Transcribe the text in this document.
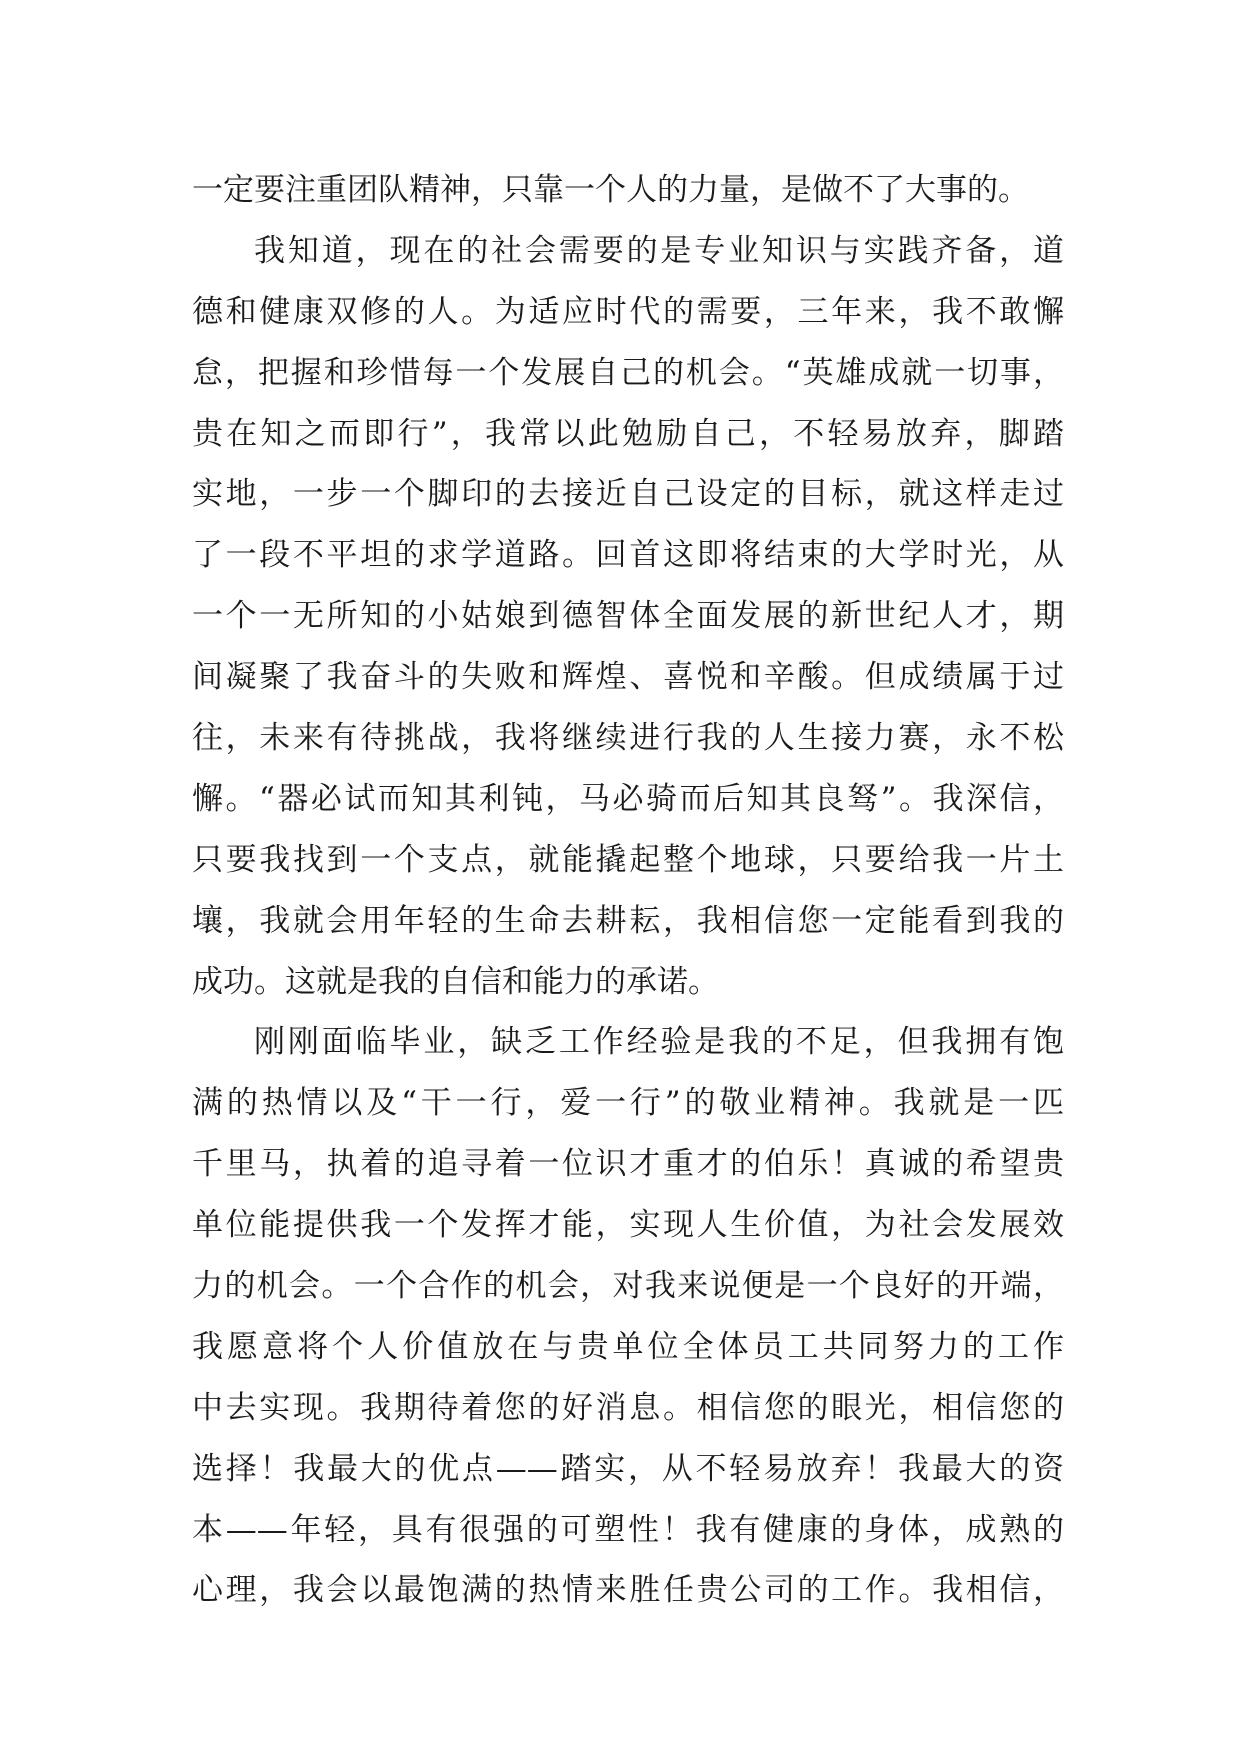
一定要注重团队精神，只靠一个人的力量，是做不了大事的。
我知道，现在的社会需要的是专业知识与实践齐备，道
德和健康双修的人。为适应时代的需要，三年来，我不敢懈
怠，把握和珍惜每一个发展自己的机会。“英雄成就一切事，
贵在知之而即行”，我常以此勉励自己，不轻易放弃，脚踏
实地，一步一个脚印的去接近自己设定的目标，就这样走过
了一段不平坦的求学道路。回首这即将结束的大学时光，从
一个一无所知的小姑娘到德智体全面发展的新世纪人才，期
间凝聚了我奋斗的失败和辉煌、喜悦和辛酸。但成绩属于过
往，未来有待挑战，我将继续进行我的人生接力赛，永不松
懈。“器必试而知其利钝，马必骑而后知其良驽”。我深信，
只要我找到一个支点，就能撬起整个地球，只要给我一片土
壤，我就会用年轻的生命去耕耘，我相信您一定能看到我的
成功。这就是我的自信和能力的承诺。
刚刚面临毕业，缺乏工作经验是我的不足，但我拥有饱
满的热情以及“干一行，爱一行”的敬业精神。我就是一匹
千里马，执着的追寻着一位识才重才的伯乐！真诚的希望贵
单位能提供我一个发挥才能，实现人生价值，为社会发展效
力的机会。一个合作的机会，对我来说便是一个良好的开端，
我愿意将个人价值放在与贵单位全体员工共同努力的工作
中去实现。我期待着您的好消息。相信您的眼光，相信您的
选择！我最大的优点——踏实，从不轻易放弃！我最大的资
本——年轻，具有很强的可塑性！我有健康的身体，成熟的
心理，我会以最饱满的热情来胜任贵公司的工作。我相信，
